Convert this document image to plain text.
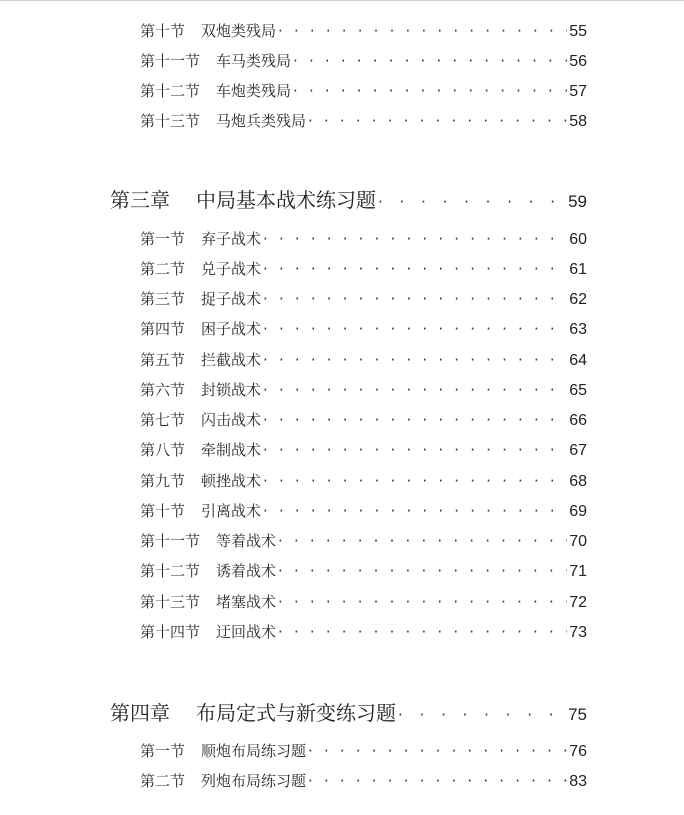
第十节 双炮类残局 · · ·	55
第十一节 车马类残局 · · ·	56
第十二节 车炮类残局 · · ·	57
第十三节 马炮兵类残局 · · ·	58
第三章 中局基本战术练习题 · · ·	59
第一节 弃子战术 · · ·	60
第二节 兑子战术 · · ·	61
第三节 捉子战术 · · ·	62
第四节 困子战术 · · ·	63
第五节 拦截战术 · · ·	64
第六节 封锁战术 · · ·	65
第七节 闪击战术 · · ·	66
第八节 牵制战术 · · ·	67
第九节 顿挫战术 · · ·	68
第十节 引离战术 · · ·	69
第十一节 等着战术 · · ·	70
第十二节 诱着战术 · · ·	71
第十三节 堵塞战术 · · ·	72
第十四节 迂回战术 · · ·	73
第四章 布局定式与新变练习题 · · ·	75
第一节 顺炮布局练习题 · · ·	76
第二节 列炮布局练习题 · · ·	83
